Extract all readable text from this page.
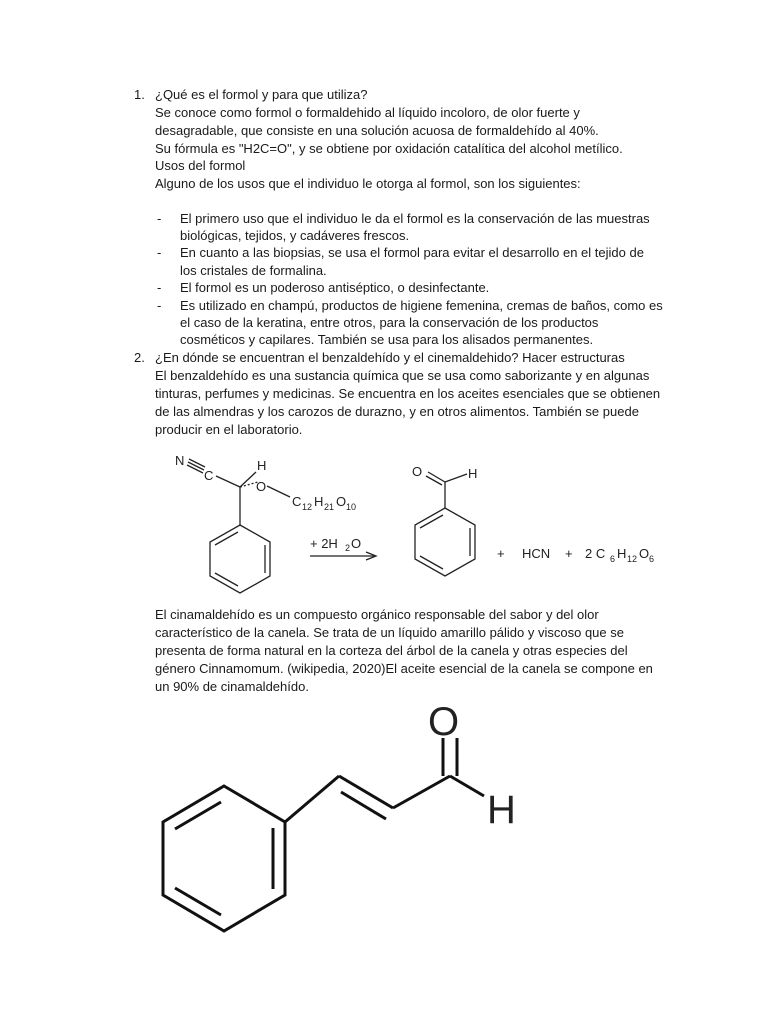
1. ¿Qué es el formol y para que utiliza?
Se conoce como formol o formaldehido al líquido incoloro, de olor fuerte y
desagradable, que consiste en una solución acuosa de formaldehído al 40%.
Su fórmula es "H2C=O", y se obtiene por oxidación catalítica del alcohol metílico.
Usos del formol
Alguno de los usos que el individuo le otorga al formol, son los siguientes:
- El primero uso que el individuo le da el formol es la conservación de las muestras
biológicas, tejidos, y cadáveres frescos.
- En cuanto a las biopsias, se usa el formol para evitar el desarrollo en el tejido de
los cristales de formalina.
- El formol es un poderoso antiséptico, o desinfectante.
- Es utilizado en champú, productos de higiene femenina, cremas de baños, como es
el caso de la keratina, entre otros, para la conservación de los productos
cosméticos y capilares. También se usa para los alisados permanentes.
2. ¿En dónde se encuentran el benzaldehído y el cinemaldehido? Hacer estructuras
El benzaldehído es una sustancia química que se usa como saborizante y en algunas
tinturas, perfumes y medicinas. Se encuentra en los aceites esenciales que se obtienen
de las almendras y los carozos de durazno, y en otros alimentos. También se puede
producir en el laboratorio.
N
C
H
O
C 12 H 21 O 10
+ 2H 2 O
H
O
+ HCN + 2 C 6 H 12 O 6
El cinamaldehído es un compuesto orgánico responsable del sabor y del olor
característico de la canela. Se trata de un líquido amarillo pálido y viscoso que se
presenta de forma natural en la corteza del árbol de la canela y otras especies del
género Cinnamomum. (wikipedia, 2020)El aceite esencial de la canela se compone en
un 90% de cinamaldehído.
O
H
